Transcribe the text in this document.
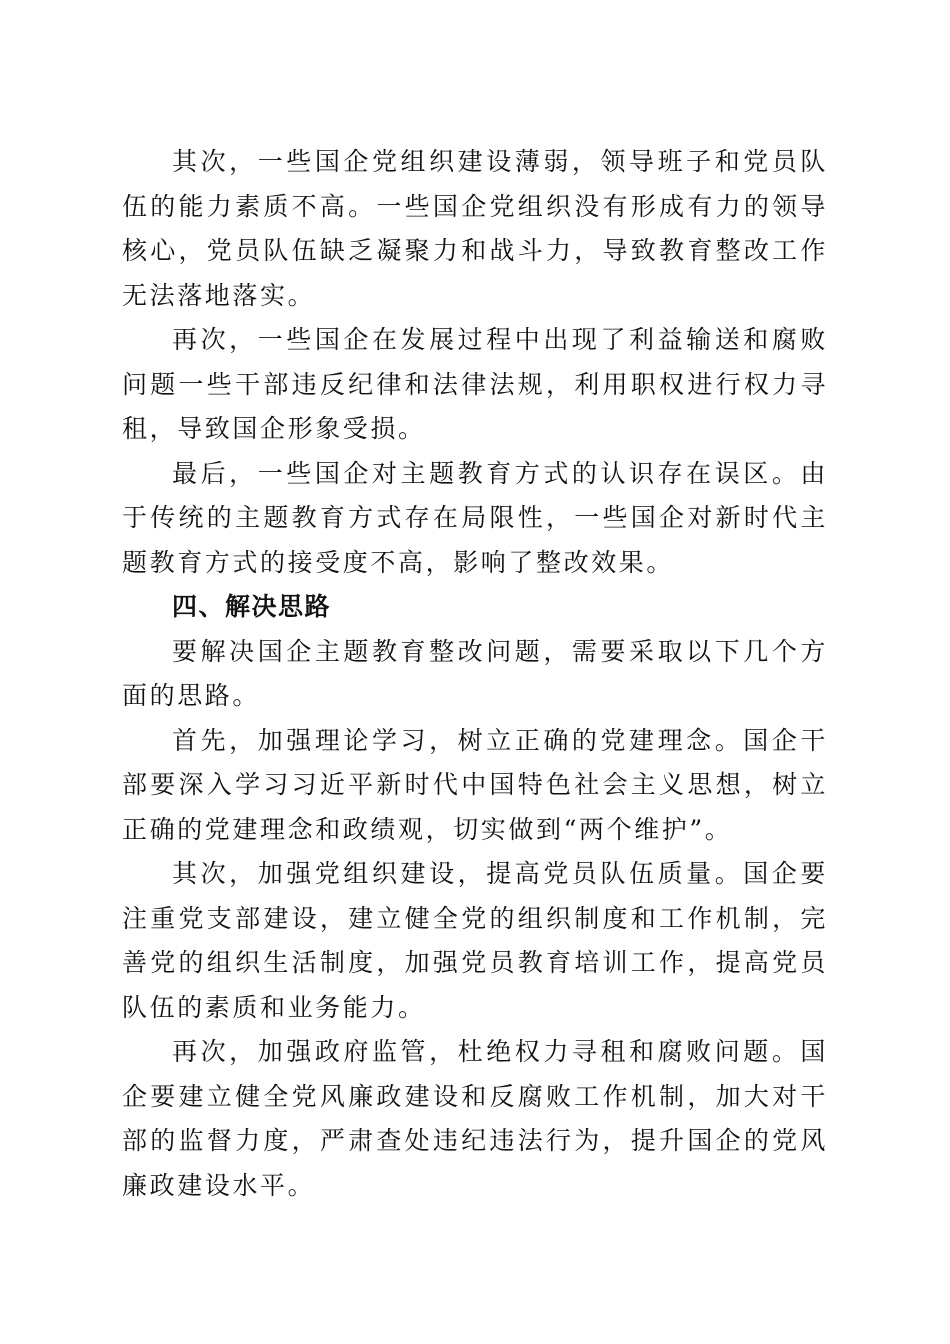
其次，一些国企党组织建设薄弱，领导班子和党员队伍的能力素质不高。一些国企党组织没有形成有力的领导核心，党员队伍缺乏凝聚力和战斗力，导致教育整改工作无法落地落实。

再次，一些国企在发展过程中出现了利益输送和腐败问题一些干部违反纪律和法律法规，利用职权进行权力寻租，导致国企形象受损。

最后，一些国企对主题教育方式的认识存在误区。由于传统的主题教育方式存在局限性，一些国企对新时代主题教育方式的接受度不高，影响了整改效果。

四、解决思路

要解决国企主题教育整改问题，需要采取以下几个方面的思路。

首先，加强理论学习，树立正确的党建理念。国企干部要深入学习习近平新时代中国特色社会主义思想，树立正确的党建理念和政绩观，切实做到“两个维护”。

其次，加强党组织建设，提高党员队伍质量。国企要注重党支部建设，建立健全党的组织制度和工作机制，完善党的组织生活制度，加强党员教育培训工作，提高党员队伍的素质和业务能力。

再次，加强政府监管，杜绝权力寻租和腐败问题。国企要建立健全党风廉政建设和反腐败工作机制，加大对干部的监督力度，严肃查处违纪违法行为，提升国企的党风廉政建设水平。
